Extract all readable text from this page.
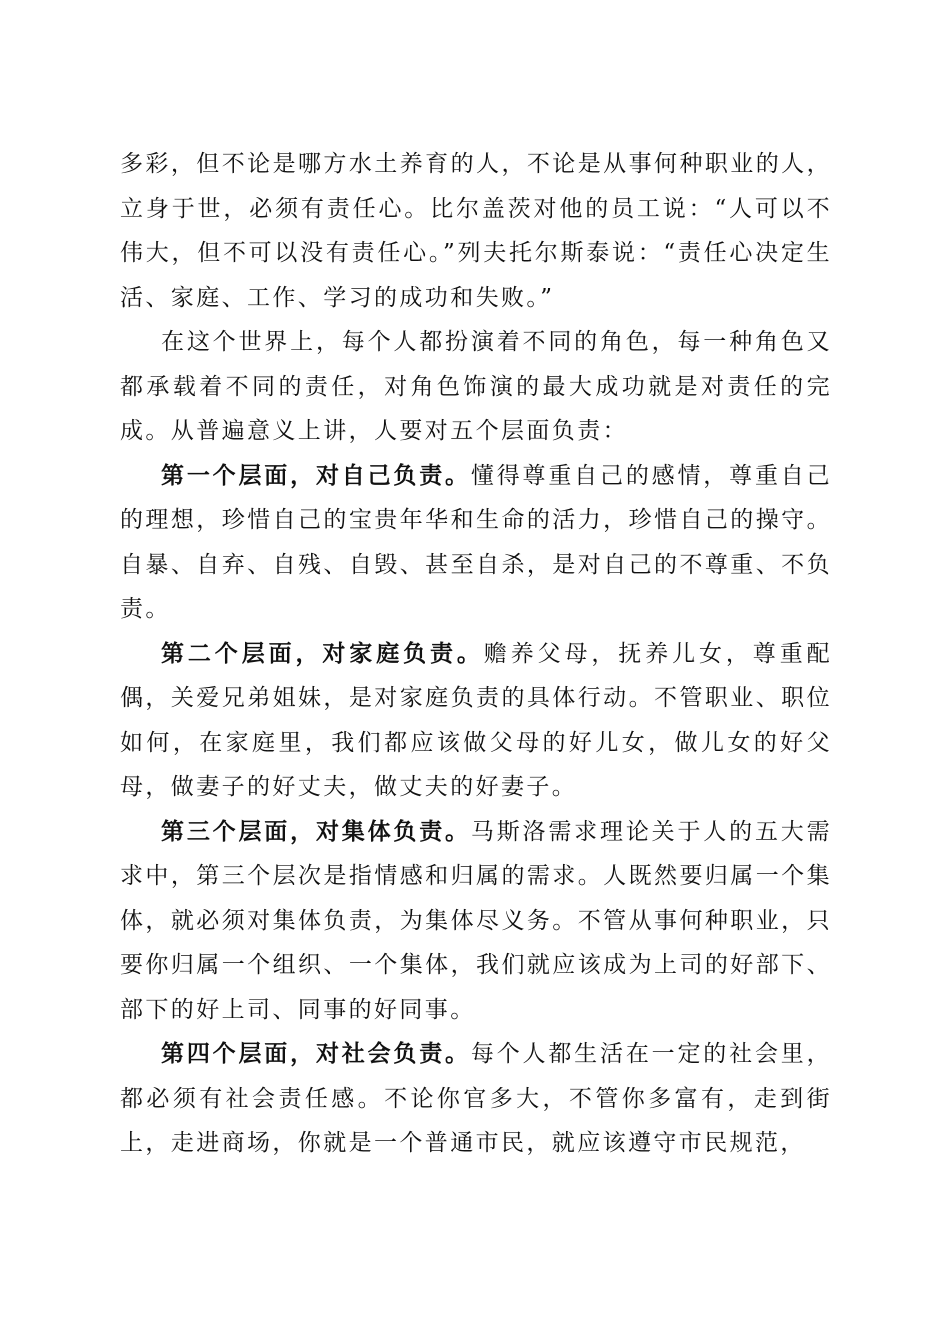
多彩，但不论是哪方水土养育的人，不论是从事何种职业的人，立身于世，必须有责任心。比尔盖茨对他的员工说：“人可以不伟大，但不可以没有责任心。”列夫托尔斯泰说：“责任心决定生活、家庭、工作、学习的成功和失败。”

在这个世界上，每个人都扮演着不同的角色，每一种角色又都承载着不同的责任，对角色饰演的最大成功就是对责任的完成。从普遍意义上讲，人要对五个层面负责：

第一个层面，对自己负责。懂得尊重自己的感情，尊重自己的理想，珍惜自己的宝贵年华和生命的活力，珍惜自己的操守。自暴、自弃、自残、自毁、甚至自杀，是对自己的不尊重、不负责。

第二个层面，对家庭负责。赡养父母，抚养儿女，尊重配偶，关爱兄弟姐妹，是对家庭负责的具体行动。不管职业、职位如何，在家庭里，我们都应该做父母的好儿女，做儿女的好父母，做妻子的好丈夫，做丈夫的好妻子。

第三个层面，对集体负责。马斯洛需求理论关于人的五大需求中，第三个层次是指情感和归属的需求。人既然要归属一个集体，就必须对集体负责，为集体尽义务。不管从事何种职业，只要你归属一个组织、一个集体，我们就应该成为上司的好部下、部下的好上司、同事的好同事。

第四个层面，对社会负责。每个人都生活在一定的社会里，都必须有社会责任感。不论你官多大，不管你多富有，走到街上，走进商场，你就是一个普通市民，就应该遵守市民规范，
